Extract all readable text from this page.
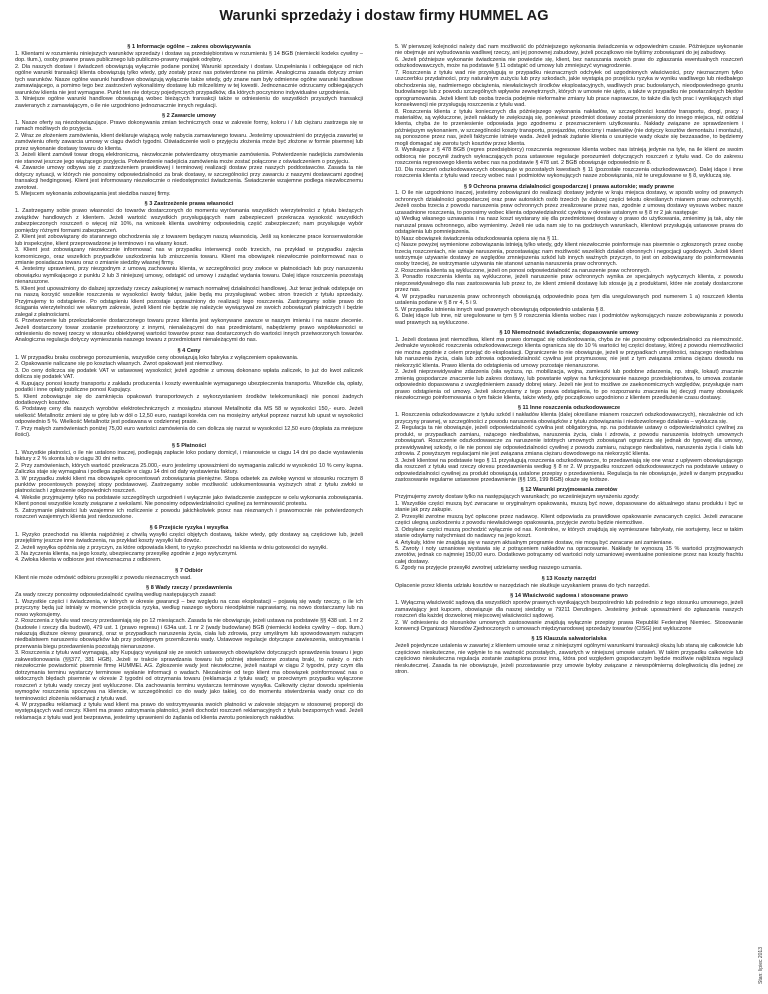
Warunki sprzedaży i dostaw firmy HUMMEL AG
§ 1 Informacje ogólne – zakres obowiązywania

1. Klientami w rozumieniu niniejszych warunków sprzedaży i dostaw są przedsiębiorstwa w rozumieniu § 14 BGB (niemiecki kodeks cywilny – dop. tłum.), osoby prawne prawa publicznego lub publiczno-prawny majątek odrębny.

2. Dla naszych dostaw i świadczeń obowiązują wyłącznie podane poniżej Warunki sprzedaży i dostaw. Uzupełniania i odbiegające od nich ogólne warunki transakcji klienta obowiązują tylko wtedy, gdy zostały przez nas potwierdzone na piśmie. Analogiczna zasada dotyczy zmian tych warunków. Nasze ogólne warunki handlowe obowiązują wyłącznie także wtedy, gdy znane nam były odmienne ogólne warunki handlowe zamawiającego, a pomimo tego bez zastrzeżeń wykonaliśmy dostawę lub milczeliśmy w tej kwestii. Jednoznacznie odrzucamy odbiegających warunków klienta nie jest wymagane. Punkt ten nie dotyczy pojedynczych przypadków, dla których poczyniono indywidualne uzgodnienia.

3. Niniejsze ogólne warunki handlowe obowiązują wobec bieżących transakcji także w odniesieniu do wszystkich przyszłych transakcji zawieranych z zamawiającym, o ile nie uzgodniono jednoznacznie innych regulacji.

§ 2 Zawarcie umowy

1. Nasze oferty są niezobowiązujące. Prawo dokonywania zmian technicznych oraz w zakresie formy, koloru i / lub ciężaru zastrzega się w ramach możliwych do przyjęcia.

2. Wraz ze złożeniem zamówienia, klient deklaruje wiążącą wolę nabycia zamawianego towaru. Jesteśmy upoważnieni do przyjęcia zawartej w zamówieniu oferty zawarcia umowy w ciągu dwóch tygodni. Oświadczenie woli o przyjęciu złożenia może być złożone w formie pisemnej lub przez wykonanie dostawy towaru do klienta.

3. Jeżeli klient zamówił towar drogą elektroniczną, niezwłocznie potwierdzamy otrzymanie zamówienia. Potwierdzenie nadejścia zamówienia nie stanowi jeszcze jego wiążącego przyjęcia. Potwierdzenie nadejścia zamówienia może zostać połączone z oświadczeniem o przyjęciu.

4. Zawarcie umowy odbywa się z zastrzeżeniem prawidłowej i terminowej realizacji dostaw przez naszych poddostawców. Zasada ta nie dotyczy sytuacji, w których nie ponosimy odpowiedzialności za brak dostawy, w szczególności przy zawarciu z naszymi dostawcami zgodnej transakcji hedgingowej. Klient jest informowany niezwłocznie o niedostępności świadczenia. Świadczenie wzajemne podlega niezwłocznemu zwrotowi.

5. Miejscem wykonania zobowiązania jest siedziba naszej firmy.

§ 3 Zastrzeżenie prawa własności

1. Zastrzegamy sobie prawo własności do towarów dostarczonych do momentu wyrównania wszystkich wierzytelności z tytułu bieżących zwiążków handlowych z klientem. Jeżeli wartość wszystkich przysługujących nam zabezpieczeń przekracza wysokość wszystkich zabezpieczonych roszczeń o więcej niż 10%, na wniosek klienta uwolnimy odpowiednią część zabezpieczeń; nam przysługuje wybór pomiędzy różnymi formami zabezpieczeń.

2. Klient jest zobowiązany do starannego obchodzenia się z towarem będącym naszą własnością. Jeśli są konieczne prace konserwatorskie lub inspekcyjne, klient przeprowadzone je terminowo i na własny koszt.

3. Klient jest zobowiązany niezwłocznie informować nas w przypadku interwencji osób trzecich, na przykład w przypadku zajęcia komorniczego, oraz wszelkich przypadków uszkodzenia lub zniszczenia towaru. Klient ma obowiązek niezwłocznie poinformować nas o zmianie posiadacza towaru oraz o zmianie siedziby własnej firmy.

4. Jesteśmy uprawnieni, przy niezgodnym z umową zachowaniu klienta, w szczególności przy zwłoce w płatnościach lub przy naruszeniu obowiązku wymikającego z punktu 2 lub 3 niniejszej umowy, odstąpić od umowy i zażądać wydania towaru. Dalej idące roszczenia pozostają nienaruszone.

5. Klient jest upoważniony do dalszej sprzedaży rzeczy zakupionej w ramach normalnej działalności handlowej. Już teraz jednak odstępuje on na naszą korzyść wszelkie roszczenia w wysokości kwoty faktur, jakie będą mu przysługiwać wobec stron trzecich z tytułu sprzedaży. Przyjmujemy to odstąpienie. Po odstąpieniu klient pozostaje upoważniony do realizacji tego roszczenia. Zastrzegamy sobie prawo do ściągania wierzytelności we własnym zakresie, jeżeli klient nie będzie się należycie wywiązywał ze swoich zobowiązań płatniczych i będzie zalegał z płatnościami.

6. Przetworzenie lub przekształcenie dostarczonego towaru przez klienta jest wykonywane zawsze w naszym imieniu i na nasze zlecenie. Jeżeli dostarczony towar zostanie przetworzony z innymi, nienależącymi do nas przedmiotami, nabędziemy prawo współwłasności w odniesieniu do nowej rzeczy w stosunku obiektywnej wartości towarów przez nas dostarczonych do wartości innych przetworzonych towarów. Analogiczna regulacja dotyczy wymieszania naszego towaru z przedmiotami nienależącymi do nas.

§ 4 Ceny

1. W przypadku braku osobnego porozumienia, wszystkie ceny obowiązują loko fabryka z wyłączeniem opakowania.

2. Opakowanie naliczane się po kosztach własnych. Zwrot opakowań jest niemożliwy.

3. Do ceny doliczca się podatek VAT w ustawowej wysokości; jeżeli zgodnie z umową dokonano wpłata zaliczek, to już do kwot zaliczek dolicza się podatek VAT.

4. Kupujący ponosi koszty transportu z zakładu producenta i koszty ewentualnie wymaganego ubezpieczenia transportu. Wszelkie cła, opłaty, podatki i inne opłaty publiczne ponosi Kupujący.

5. Klient zobowiązuje się do zamknięcia opakowań transportowych z wykorzystaniem środków telekomunikacji nie ponosi żadnych dodatkowych kosztów.

6. Podstawę ceny dla naszych wyrobów elektrotechnicznych z mosiądzu stanowi Metallnotiz dla MS 58 w wysokości 150,- euro. Jeżeli wielkość Metallnotiz zmieni się w górę lub w dół o 12,50 euro, nastąpi korekta cen na mosiężny artykuł poprzez narzut lub upust w wysokości odpowiednio 5 %. Wielkość Metallnotiz jest podawana w codziennej prasie.

7. Przy małych zamówieniach poniżej 75,00 euro wartości zamówienia do cen dolicza się narzut w wysokości 12,50 euro (dopłata za mniejsze ilości).

§ 5 Płatności

1. Wszystkie płatności, o ile nie ustalono inaczej, podlegają zapłacie loko podany domicyl, i mianowicie w ciągu 14 dni po dacie wystawienia faktury z 2 % skonta lub w ciągu 30 dni netto.

2. Przy zamówieniach, których wartość przekracza 25.000,- euro jesteśmy upoważnieni do wymagania zaliczki w wysokości 10 % ceny kupna. Zaliczka staje się wymagalna i podlega zapłacie w ciągu 14 dni od daty wystawienia faktury.

3. W przypadku zwłoki klient ma obowiązek oprocentowań zobowiązania pieniężne. Stopa odsetek za zwłokę wynosi w stosunku rocznym 8 punktów procentowych powyżej stopy podstawowej. Zastrzegamy sobie możliwość udokumentowania wyższych strat z tytułu zwłoki w płatnościach i zgłoszenie odpowiednich roszczeń.

4. Wekslie przyjmujemy tylko na podstawie szczególnych uzgodnień i wyłącznie jako świadczenie zastępcze w celu wykonania zobowiązania. Klient ponosi wszystkie koszty związane z wekslami. Nie ponosimy odpowiedzialności cywilnej za terminowość protestu.

5. Zatrzymanie płatności lub wzajemne ich rozliczenie z powodu jakichkolwiek przez nas nieznanych i prawomocnie nie potwierdzonych roszczeń wzajemnych klienta jest niedozwolone.

§ 6 Przejście ryzyka i wysyłka

1. Ryzyko przechodzi na klienta najpóźniej z chwilą wysyłki części objętych dostawą, także wtedy, gdy dostawy są częściowe lub, jeżeli przejęliśmy jeszcze inne świadczenia, na przykład koszty wysyłki lub dowóz.

2. Jeżeli wysyłka opóźnia się z przyczyn, za które odpowiada klient, to ryzyko przechodzi na klienta w dniu gotowości do wysyłki.

3. Na życzenia klienta, na jego koszty, ubezpieczamy przesyłkę zgodnie z jego wytycznymi.

4. Zwłoka klienta w odbiorze jest równoznaczna z odbiorem.

§ 7 Odbiór

Klient nie może odmówić odbioru przesyłki z powodu nieznacznych wad.

§ 8 Wady rzeczy / przedawnienia

Za wady rzeczy ponosimy odpowiedzialność cywilną według następujących zasad:

1. Wszystkie części i świadczenia, w których w okresie gwarancji – bez względu na czas eksploatacji – pojawią się wady rzeczy, o ile ich przyczyny będą już istniały w momencie przejścia ryzyka, według naszego wyboru nieodpłatnie naprawiamy, na nowo dostarczamy lub na nowo wykonujemy.

2. Roszczenia z tytułu wad rzeczy przedawniają się po 12 miesiącach. Zasada ta nie obowiązuje, jeżeli ustawa na podstawie §§ 438 ust. 1 nr 2 (budowle i rzeczy dla budowli), 479 ust. 1 (prawo regresu) i 634a ust. 1 nr 2 (wady budowlane) BGB (niemiecki kodeks cywilny – dop. tłum.) nakazują dłuższe okresy gwarancji, oraz w przypadkach naruszenia życia, ciała lub zdrowia, przy umyślnym lub spowodowanym rażącym niedbalstwem naruszeniu obowiązków lub przy podstępnym przemilczeniu wady. Ustawowe regulacje dotyczące zawieszenia, wstrzymania i przerwania biegu przedawnienia pozostają nienaruszone.

3. Roszczenia z tytułu wad wymagają, aby Kupujący wywiązał się ze swoich ustawowych obowiązków dotyczących sprawdzenia towaru i jego zakwestionowania (§§377, 381 HGB). Jeżeli w trakcie sprawdzania towaru lub później stwierdzone zostaną braki, to należy o nich niezwłocznie powiadomić pisemnie firmę HUMMEL AG. Zgłoszenie wady jest niezwłoczne, jeżeli nastąpi w ciągu 2 tygodni, przy czym dla dotrzymania terminu wystarczy terminowe wysłanie informacji o wadach. Niezależnie od tego klient ma obowiązek poinformować nas o widocznych błędach pisemnie w okresie 2 tygodni od otrzymania towaru (reklamacja z tytułu wad); w przeciwnym przypadku wyłączone roszczeń z tytułu wady rzeczy jest wykluczone. Dla zachowania terminu wystarcza terminowe wysyłka. Całkowity ciężar dowodu spełnienia wymogów roszczenia spoczywa na kliencie, w szczególności co do wady jako takiej, co do momentu stwierdzenia wady oraz co do terminowości złożenia reklamacji z tytułu wad.

4. W przypadku reklamacji z tytułu wad klient ma prawo do wstrzymywania swoich płatności w zakresie stojącym w stosownej proporcji do występujących wad rzeczy. Klient ma prawo zatrzymania płatności, jeżeli dochodzi roszczeń reklamacyjnych z tytułu bezspornych wad. Jeżeli reklamacja z tytułu wad jest bezprawna, jesteśmy uprawnieni do żądania od klienta zwrotu poniesionych nakładów.

5. W pierwszej kolejności należy dać nam możliwość do późniejszego wykonania świadczenia w odpowiednim czasie. Późniejsze wykonanie nie obejmuje ani wybudowania wadliwej rzeczy, ani jej ponownej zabudowy, jeżeli początkowo nie byliśmy zobowiązani do jej zabudowy.

6. Jeżeli późniejsze wykonanie świadczenia nie powiedzie się, klient, bez naruszania swoich praw do zgłaszania ewentualnych roszczeń odszkodowawczych, może na podstawie § 11 odstąpić od umowy lub zmniejszyć wynagrodzenie.

7. Roszczenia z tytułu wad nie przysługują w przypadku nieznacznych odchyłek od uzgodnionych właściwości, przy nieznacznym tylko uszczerbku przydatności, przy naturalnym zużyciu lub przy szkodach, jakie wystąpią po przejściu ryzyka w wyniku wadliwego lub niedbałego obchodzenia się, nadmiernego obciążenia, niewłaściwych środków eksploatacyjnych, wadliwych prac budowlanych, nieodpowiednego gruntu budowlanego lub z powodu szczególnych wpływów zewnętrznych, których w umowie nie ujęto, a także w przypadku nie powtarzalnych błędów oprogramowania. Jeżeli klient lub osoba trzecia podejmie nieformalne zmiany lub prace naprawcze, to także dla tych prac i wynikających stąd konsekwencji nie przysługują roszczenia z tytułu wad.

8. Roszczenia klienta z tytułu koniecznych dla późniejszego wykonania nakładów, w szczególności kosztów transportu, drogi, pracy i materiałów, są wykluczone, jeżeli nakłady te zwiększają się, ponieważ przedmiot dostawy został przeniesiony do innego miejsca, niż oddział klienta, chyba że to przeniesienie odpowiada jego zgodnemu z przeznaczeniem użytkowaniu. Nakłady związane ze sprawdzeniem i późniejszym wykonaniem, w szczególności koszty transportu, przejazdów, robocizny i materiałów (nie dotyczy kosztów demontażu i montażu), są ponoszone przez nas, jeżeli faktycznie istnieje wada. Jeżeli jednak żądanie klienta o usunięcie wady okaże się bezzasadne, to będziemy mogli domagać się zwrotu tych kosztów przez klienta.

9. Wynikające z § 478 BGB (regres przedsiębiorcy) roszczenia regresowe klienta wobec nas istnieją jedynie na tyle, na ile klient ze swoim odbiorcą nie poczynił żadnych wykraczających poza ustawowe regulacje porozumień dotyczących roszczeń z tytułu wad. Co do zakresu roszczenia regresowego klienta wobec nas na podstawie § 478 ust. 2 BGB obowiązuje odpowiednio nr 8.

10. Dla roszczeń odszkodowawczych obowiązuje w pozostałych kwestiach § 11 (pozostałe roszczenia odszkodowawcze). Dalej idące i inne roszczenia klienta z tytułu wad rzeczy wobec nas i podmiotów wykonujących nasze zobowiązania, niż te uregulowane w § 8, wykluczą się.

§ 9 Ochrona prawna działalności gospodarczej i prawa autorskie; wady prawne

1. O ile nie uzgodniono inaczej, jesteśmy zobowiązani do realizacji dostawy jedynie w kraju miejsca dostawy, w sposób wolny od prawnych ochronnych działalności gospodarczej oraz praw autorskich osób trzecich (w dalszej części tekstu określanych mianem praw ochronnych). Jeżeli osoba trzecia z powodu naruszenia praw ochronnych przez zrealizowane przez nas, zgodnie z umową dostawy wysuwa wobec nasze uzasadnione roszczenia, to ponosimy wobec klienta odpowiedzialność cywilną w okresie ustalonym w § 8 nr 2 jak następuje:

a) Według własnego uznawania i na nasz koszt wystarany się dla przedmiotowej dostawy o prawo do użytkowania, zmienimy ją tak, aby nie naruszał prawa ochronnego, albo wymienimy. Jeżeli nie uda nam się to na godziwych warunkach, klientowi przysługują ustawowe prawa do odstąpienia lub pomniejszenia.

b) Nasz obowiązek świadczenia odszkodowania opiera się na § 11.

c) Nasze powyżej wymienione zobowiązania istnieją tylko wtedy, gdy klient niezwłocznie poinformuje nas pisemnie o zgłoszonych przez osobę trzecią roszczeniach, nie uznaje naruszenia, pozostawiając nam możliwość wszelkich działań obronnych i negocjacji ugodowych. Jeżeli klient wstrzymuje używanie dostawy ze względów zmniejszenia szkód lub innych ważnych przyczyn, to jest on zobowiązany do poinformowania osoby trzeciej, że wstrzymanie używania nie stanowi uznania naruszenia praw ochronnych.

2. Roszczenia klienta są wykluczone, jeżeli on ponosi odpowiedzialność za naruszenie praw ochronnych.

3. Ponadto roszczenia klienta są wykluczone, jeżeli naruszenie praw ochronnych wynika ze specjalnych wytycznych klienta, z powodu nieprzewidywalnego dla nas zastosowania lub przez to, że klient zmienił dostawę lub stosuje ją z produktami, które nie zostały dostarczone przez nas.

4. W przypadku naruszenia praw ochronnych obowiązują odpowiednio poza tym dla uregulowanych pod numerem 1 a) roszczeń klienta ustalenia podane w § 8 nr 4, 5 i 9.

5. W przypadku istnienia innych wad prawnych obowiązują odpowiednio ustalenia § 8.

6. Dalej idące lub inne, niż uregulowane w tym § 9 roszczenia klienta wobec nas i podmiotów wykonujących nasze zobowiązania z powodu wad prawnych są wykluczone.

§ 10 Niemożność świadczenia; dopasowanie umowy

1. Jeżeli dostawa jest niemożliwa, klient ma prawo domagać się odszkodowania, chyba że nie ponosimy odpowiedzialności za niemożność. Jednakże wysokość roszczenia odszkodowawczego klienta ogranicza się do 10 % wartości tej części dostawy, której z powodu niemożliwości nie można zgodnie z celem przejąć do eksploatacji. Ograniczenie to nie obowiązuje, jeżeli w przypadkach umyślności, rażącego niedbalstwa lub naruszenia życia, ciała lub zdrowia odpowiedzialność cywilna jest przymusowa; nie jest z tym związana zmiana ciężaru dowodu na niekorzyść klienta. Prawo klienta do odstąpienia od umowy pozostaje nienaruszone.

2. Jeżeli nieprzewidywalne zdarzenia (siła wyższa, np. mobilizacja, wojna, zamieszki lub podobne zdarzenia, np. strajk, lokaut) znacznie zmienią gospodarcze znaczenie lub zakres dostawy, lub powstanie wpływ na funkcjonowanie naszego przedsiębiorstwa, to umowa zostanie odpowiednio dopasowana z uwzględnieniem zasady dobrej wiary. Jeżeli nie jest to możliwe ze zaekonomicznych względów, przysługuje nam prawo odstąpienia od umowy. Jeżeli skorzystamy z tego prawa odstąpienia, to po rozpoznaniu znaczenia tej decyzji mamy obowiązek niezwłocznego poinformowania o tym fakcie klienta, także wtedy, gdy początkowo uzgodniono z klientem przedłużenie czasu dostawy.

§ 11 Inne roszczenia odszkodowawcze

1. Roszczenia odszkodowawcze z tytułu szkód i nakładów klienta (dalej określane mianem roszczeń odszkodowawczych), niezależnie od ich przyczyny prawnej, w szczególności z powodu naruszenia obowiązków z tytułu zobowiązania i niedozwolonego działania – wyklucza się.

2. Regulacja ta nie obowiązuje, jeżeli odpowiedzialność cywilna jest obligatoryjna, np. na podstawie ustawy o odpowiedzialności cywilnej za produkt, w przypadkach zamiaru, rażącego niedbalstwa, naruszenia życia, ciała i zdrowia, z powodu naruszenia istotnych umownych zobowiązań. Roszczenie odszkodowawcze za naruszenie istotnych umownych zobowiązań ogranicza się jednak do typowej dla umowy, przewidywalnej szkody, o ile nie ponosi się odpowiedzialności cywilnej z powodu zamiaru, rażącego niedbalstwa, naruszenia życia i ciała lub zdrowia. Z powyższym regulacjami nie jest związana zmiana ciężaru dowodowego na niekorzyść klienta.

3. Jeżeli klientowi na podstawie tego § 11 przysługują roszczenia odszkodowawcze, to przedawniają się one wraz z upływem obowiązującego dla roszczeń z tytułu wad rzeczy okresu przedawnienia według § 8 nr 2. W przypadku roszczeń odszkodowawczych na podstawie ustawy o odpowiedzialności cywilnej za produkt obowiązują ustalone przepisy o przedawnieniu. Regulacja ta nie obowiązuje, jeżeli w danym przypadku zastosowanie regularne ustawowe przedawnienie (§§ 195, 199 BGB) okaże się krótsze.

§ 12 Warunki przyjmowania zwrotów

Przyjmujemy zwroty dostaw tylko na następujących warunkach; po wcześniejszym wyrażeniu zgody:

1. Wszystkie części muszą być zwracane w oryginalnym opakowaniu, muszą być nowe, dopasowane do aktualnego stanu produktu i być w stanie jak przy zakupie.

2. Przesyłki zwrotne muszą być opłacone przez nadawcę. Klient odpowiada za prawidłowe opakowanie zwracanych części. Jeżeli zwracane części ulegną uszkodzeniu z powodu niewłaściwego opakowania, przyjęcie zwrotu będzie niemożliwe.

3. Odsyłane części muszą pochodzić wyłącznie od nas. Kontrolne, w których znajdują się wymieszane fabrykaty, nie sortujemy, lecz w takim stanie odsyłamy natychmiast do nadawcy na jego koszt.

4. Artykuły, które nie znajdują się w naszym aktualnym programie dostaw, nie mogą być zwracane ani zamieniane.

5. Zwroty i noty uznaniowe wystawia się z potrąceniem nakładów na opracowanie. Nakłady te wynoszą 15 % wartości przyjmowanych zwrotów, jednak co najmniej 150,00 euro. Dodatkowo potrącamy od wartości noty uznaniowej ewentualne poniesione przez nas koszty frachtu całej dostawy.

6. Zgody na przyjęcie przesyłki zwrotnej udzielamy według naszego uznania.

§ 13 Koszty narzędzi

Opłacenie przez klienta udziału kosztów w narzędziach nie skutkuje uzyskaniem prawa do tych narzędzi.

§ 14 Właściwość sądowa i stosowane prawo

1. Wyłączną właściwość sądową dla wszystkich sporów prawnych wynikających bezpośrednio lub pośrednio z tego stosunku umownego, jeżeli zamawiający jest kupcem, obowiązuje dla naszej siedziby w 79211 Denzlingen. Jesteśmy jednak upoważnieni do zgłaszania naszych roszczeń dla każdej dozwolonej miejscowej właściwości sądowej.

2. W odniesieniu do stosunków umownych zastosowanie znajdują wyłącznie przepisy prawa Republiki Federalnej Niemiec. Stosowanie konwencji Organizacji Narodów Zjednoczonych o umowach międzynarodowej sprzedaży towarów (CISG) jest wykluczone

§ 15 Klauzula salwatoriaIska

Jeżeli pojedyncze ustalenia w zawartej z klientem umowie wraz z niniejszymi ogólnymi warunkami transakcji okażą lub staną się całkowicie lub częściowo nieskuteczne, nie wpłynie to na ważność pozostałych, zawartych w niniejszej umowie ustaleń. W takim przypadku całkowicie lub częściowo nieskuteczna regulacja zostanie zastąpiona przez inną, która pod względem gospodarczym będzie możliwie najbliższa regulacji nieskutecznej. Zasada ta nie obowiązuje, jeżeli pozostawanie przy umowie byłoby związane z niewspółmierną dolegliwością dla jednej ze stron.

Stan: lipiec 2013
